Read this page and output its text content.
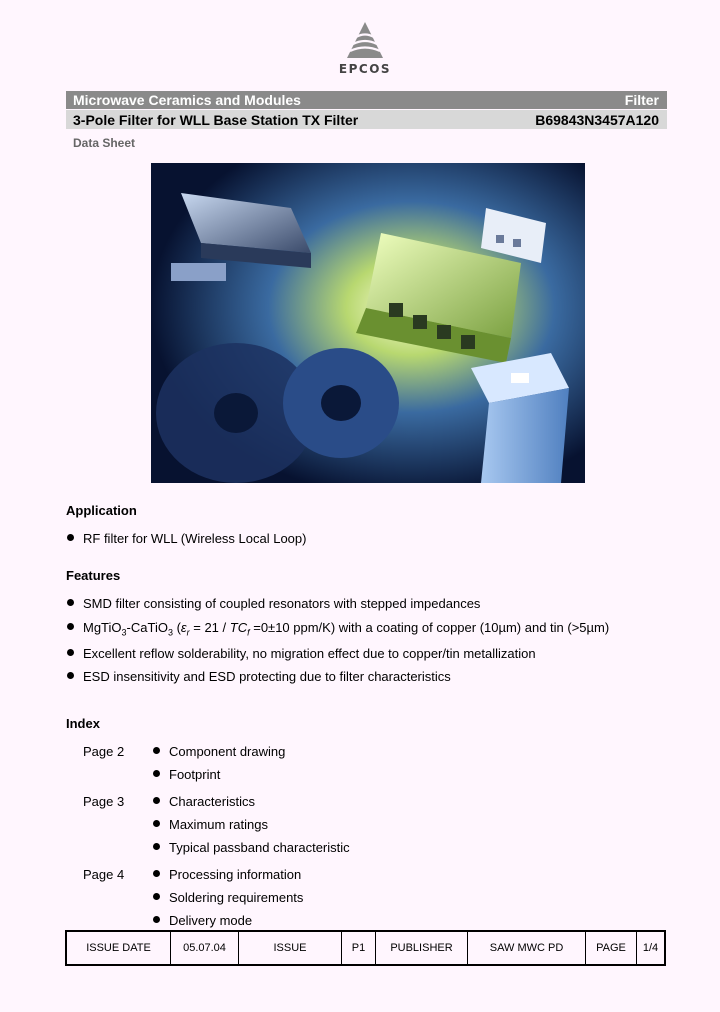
EPCOS
Microwave Ceramics and Modules	Filter
3-Pole Filter for WLL Base Station TX Filter	B69843N3457A120
Data Sheet
Application
RF filter for WLL (Wireless Local Loop)
Features
SMD filter consisting of coupled resonators with stepped impedances
MgTiO$_3$-CaTiO$_3$ ($\varepsilon_r = 21 / TC_f =0\pm 10$ ppm/K) with a coating of copper (10µm) and tin (>5µm)
Excellent reflow solderability, no migration effect due to copper/tin metallization
ESD insensitivity and ESD protecting due to filter characteristics
Index
Page 2	Component drawing
Footprint
Page 3	Characteristics
Maximum ratings
Typical passband characteristic
Page 4	Processing information
Soldering requirements
Delivery mode
ISSUE DATE	05.07.04	ISSUE	P1	PUBLISHER	SAW MWC PD	PAGE	1/4
